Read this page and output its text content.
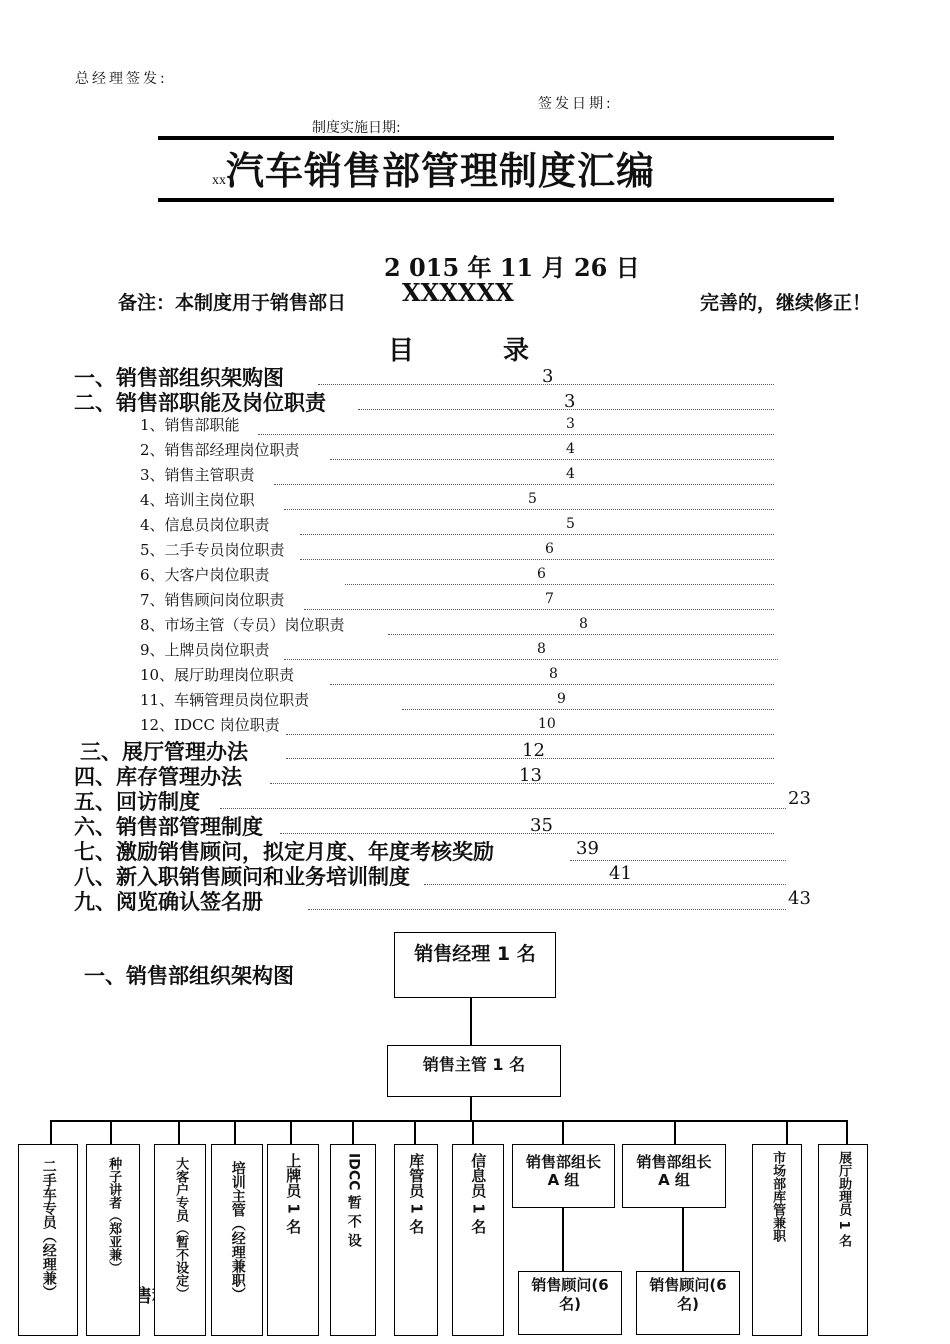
总经理签发:
签发日期:
制度实施日期:
xx汽车销售部管理制度汇编
2 015 年 11 月 26 日
备注：本制度用于销售部日	完善的，继续修正！
XXXXXX
目 录
一、销售部组织架购图	3
二、销售部职能及岗位职责	3
1、销售部职能	3
2、销售部经理岗位职责	4
3、销售主管职责	4
4、培训主岗位职	5
4、信息员岗位职责	5
5、二手专员岗位职责	6
6、大客户岗位职责	6
7、销售顾问岗位职责	7
8、市场主管（专员）岗位职责	8
9、上牌员岗位职责	8
10、展厅助理岗位职责	8
11、车辆管理员岗位职责	9
12、IDCC 岗位职责	10
三、展厅管理办法	12
四、库存管理办法	13
五、回访制度	23
六、销售部管理制度	35
七、激励销售顾问，拟定月度、年度考核奖励	39
八、新入职销售顾问和业务培训制度	41
九、阅览确认签名册	43
一、销售部组织架构图
销售经理 1 名
销售主管 1 名
二手车专员（经理兼）	种子讲者（郑亚兼）	大客户专员（暂不设定）	培训主管（经理兼职）	上牌员 1 名	IDCC 暂 不 设	库管员 1 名	信息员 1 名	销售部组长 A 组
销售部组长 A 组	市场部库管兼职	展厅助理员 1 名
销售顾问(6 名)
销售顾问(6 名)
